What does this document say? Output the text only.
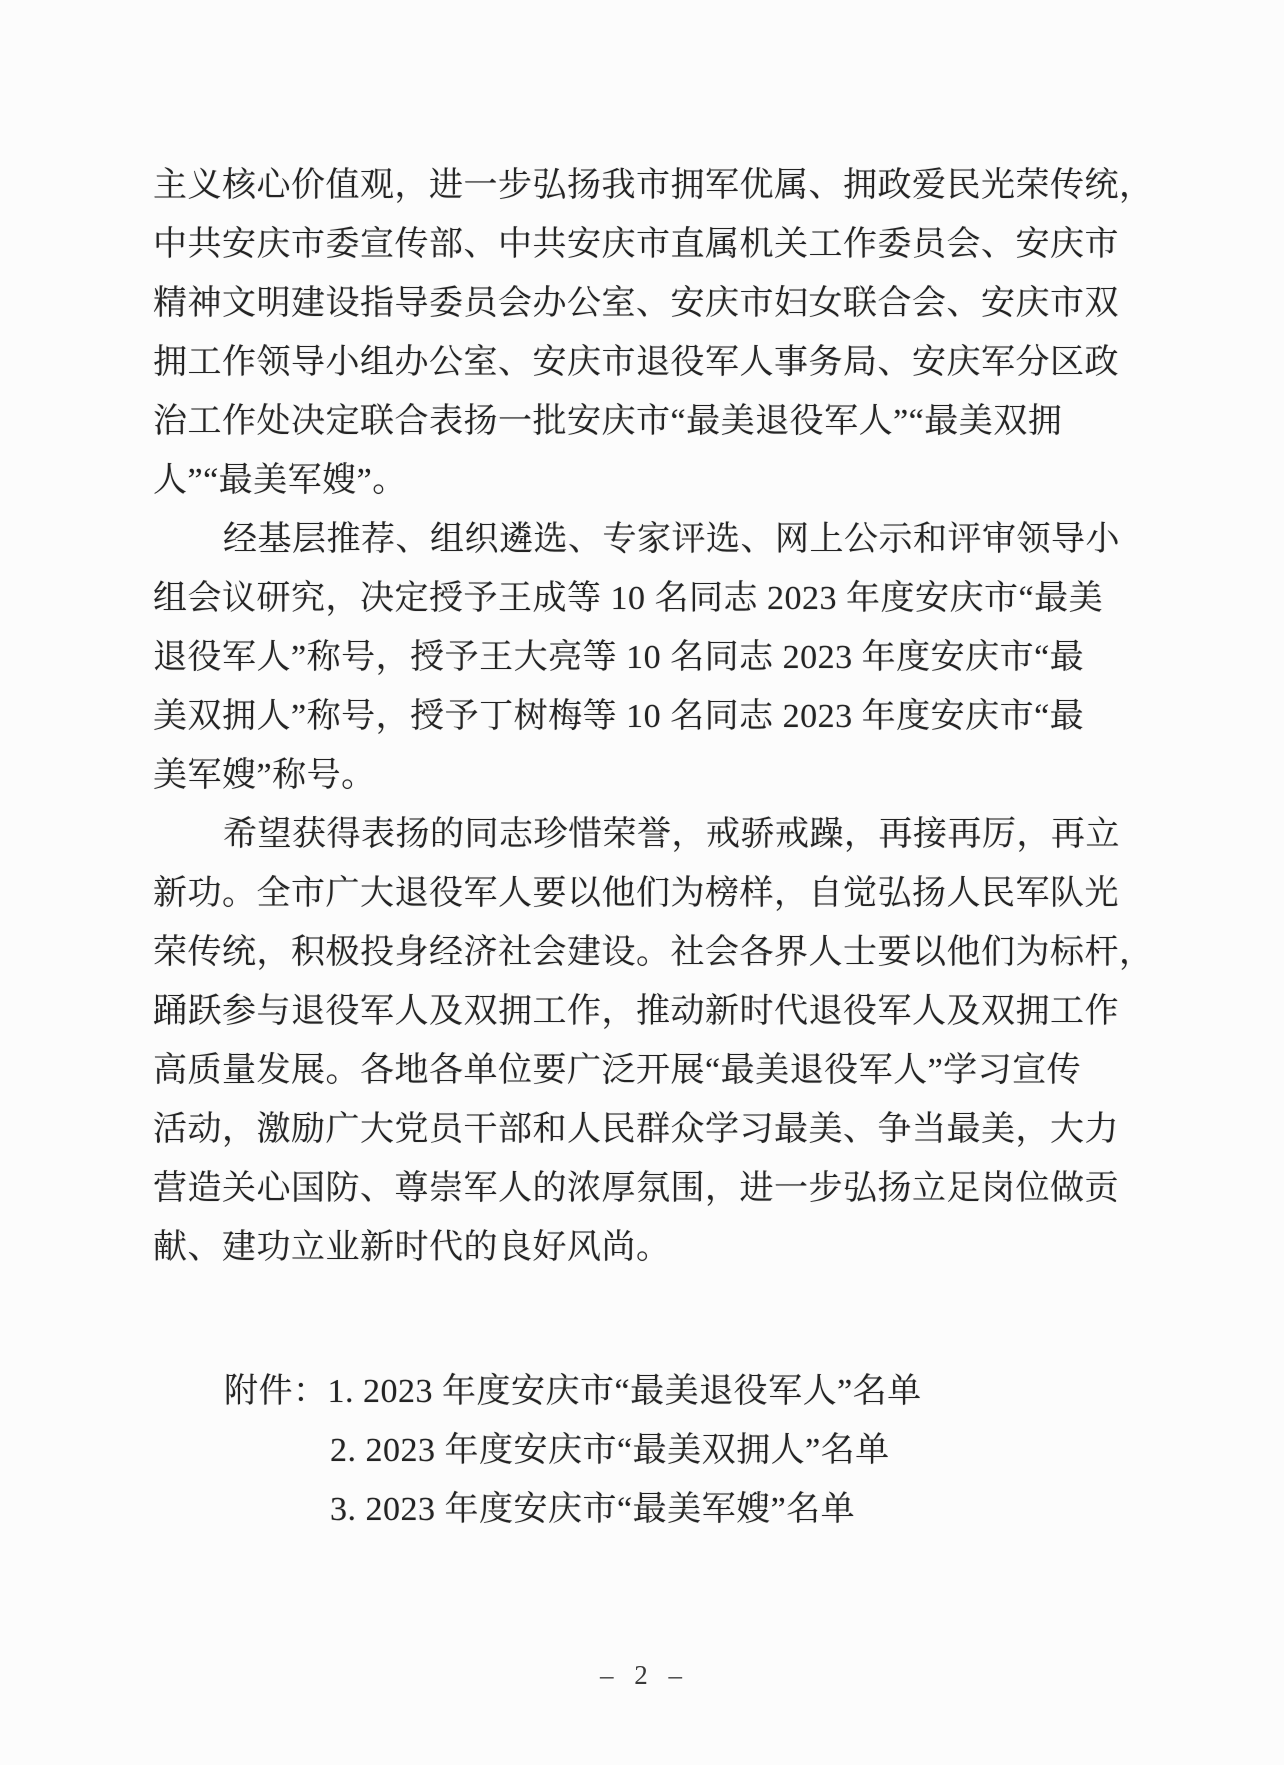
主义核心价值观，进一步弘扬我市拥军优属、拥政爱民光荣传统，
中共安庆市委宣传部、中共安庆市直属机关工作委员会、安庆市
精神文明建设指导委员会办公室、安庆市妇女联合会、安庆市双
拥工作领导小组办公室、安庆市退役军人事务局、安庆军分区政
治工作处决定联合表扬一批安庆市“最美退役军人”“最美双拥
人”“最美军嫂”。
经基层推荐、组织遴选、专家评选、网上公示和评审领导小
组会议研究，决定授予王成等 10 名同志 2023 年度安庆市“最美
退役军人”称号，授予王大亮等 10 名同志 2023 年度安庆市“最
美双拥人”称号，授予丁树梅等 10 名同志 2023 年度安庆市“最
美军嫂”称号。
希望获得表扬的同志珍惜荣誉，戒骄戒躁，再接再厉，再立
新功。全市广大退役军人要以他们为榜样，自觉弘扬人民军队光
荣传统，积极投身经济社会建设。社会各界人士要以他们为标杆，
踊跃参与退役军人及双拥工作，推动新时代退役军人及双拥工作
高质量发展。各地各单位要广泛开展“最美退役军人”学习宣传
活动，激励广大党员干部和人民群众学习最美、争当最美，大力
营造关心国防、尊崇军人的浓厚氛围，进一步弘扬立足岗位做贡
献、建功立业新时代的良好风尚。
附件：1. 2023 年度安庆市“最美退役军人”名单
2. 2023 年度安庆市“最美双拥人”名单
3. 2023 年度安庆市“最美军嫂”名单
– 2 –
